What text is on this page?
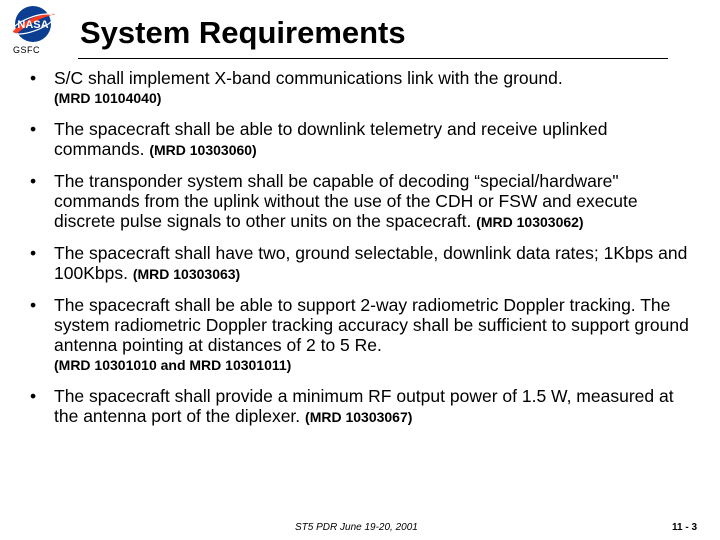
NASA
GSFC System Requirements
• S/C shall implement X-band communications link with the ground.
(MRD 10104040)
• The spacecraft shall be able to downlink telemetry and receive uplinked commands. (MRD 10303060)
• The transponder system shall be capable of decoding “special/hardware" commands from the uplink without the use of the CDH or FSW and execute discrete pulse signals to other units on the spacecraft. (MRD 10303062)
• The spacecraft shall have two, ground selectable, downlink data rates; 1Kbps and 100Kbps. (MRD 10303063)
• The spacecraft shall be able to support 2-way radiometric Doppler tracking. The system radiometric Doppler tracking accuracy shall be sufficient to support ground antenna pointing at distances of 2 to 5 Re.
(MRD 10301010 and MRD 10301011)
• The spacecraft shall provide a minimum RF output power of 1.5 W, measured at the antenna port of the diplexer. (MRD 10303067)
ST5 PDR June 19-20, 2001	11 - 3
